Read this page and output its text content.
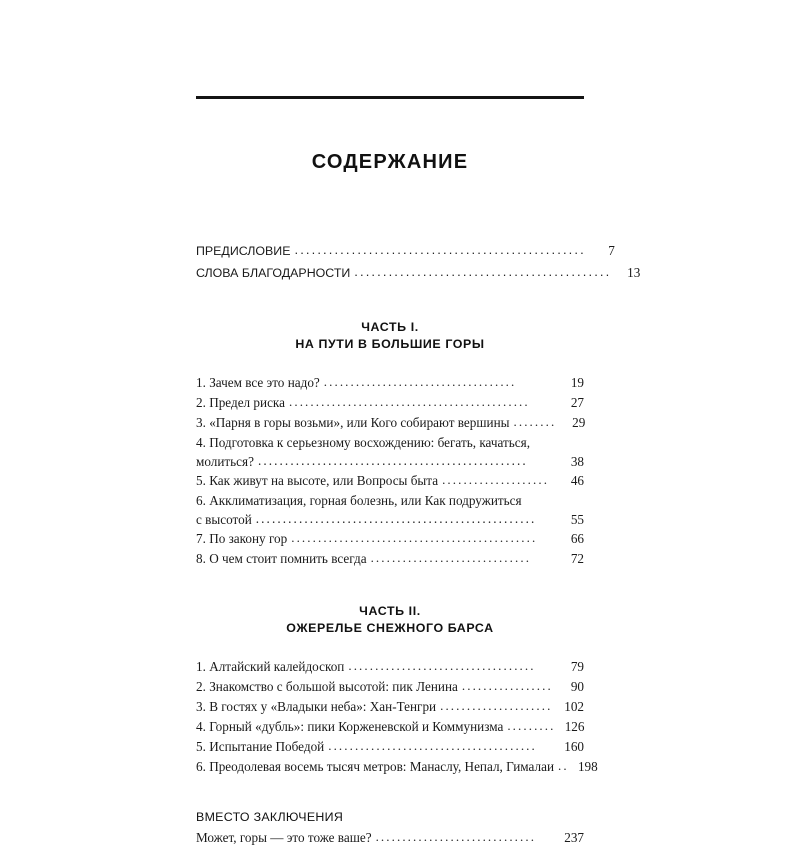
СОДЕРЖАНИЕ
ПРЕДИСЛОВИЕ ...................................................	7
СЛОВА БЛАГОДАРНОСТИ .............................................	13
ЧАСТЬ I.
НА ПУТИ В БОЛЬШИЕ ГОРЫ
1. Зачем все это надо? ....................................	19
2. Предел риска .............................................	27
3. «Парня в горы возьми», или Кого собирают вершины ........	29
4. Подготовка к серьезному восхождению: бегать, качаться,
молиться? ..................................................	38
5. Как живут на высоте, или Вопросы быта ....................	46
6. Акклиматизация, горная болезнь, или Как подружиться
с высотой ....................................................	55
7. По закону гор ..............................................	66
8. О чем стоит помнить всегда ..............................	72
ЧАСТЬ II.
ОЖЕРЕЛЬЕ СНЕЖНОГО БАРСА
1. Алтайский калейдоскоп ...................................	79
2. Знакомство с большой высотой: пик Ленина .................	90
3. В гостях у «Владыки неба»: Хан-Тенгри ..................... 102
4. Горный «дубль»: пики Корженевской и Коммунизма ......... 126
5. Испытание Победой .......................................	160
6. Преодолевая восемь тысяч метров: Манаслу, Непал, Гималаи .. 198
ВМЕСТО ЗАКЛЮЧЕНИЯ
Может, горы — это тоже ваше? ..............................	237
